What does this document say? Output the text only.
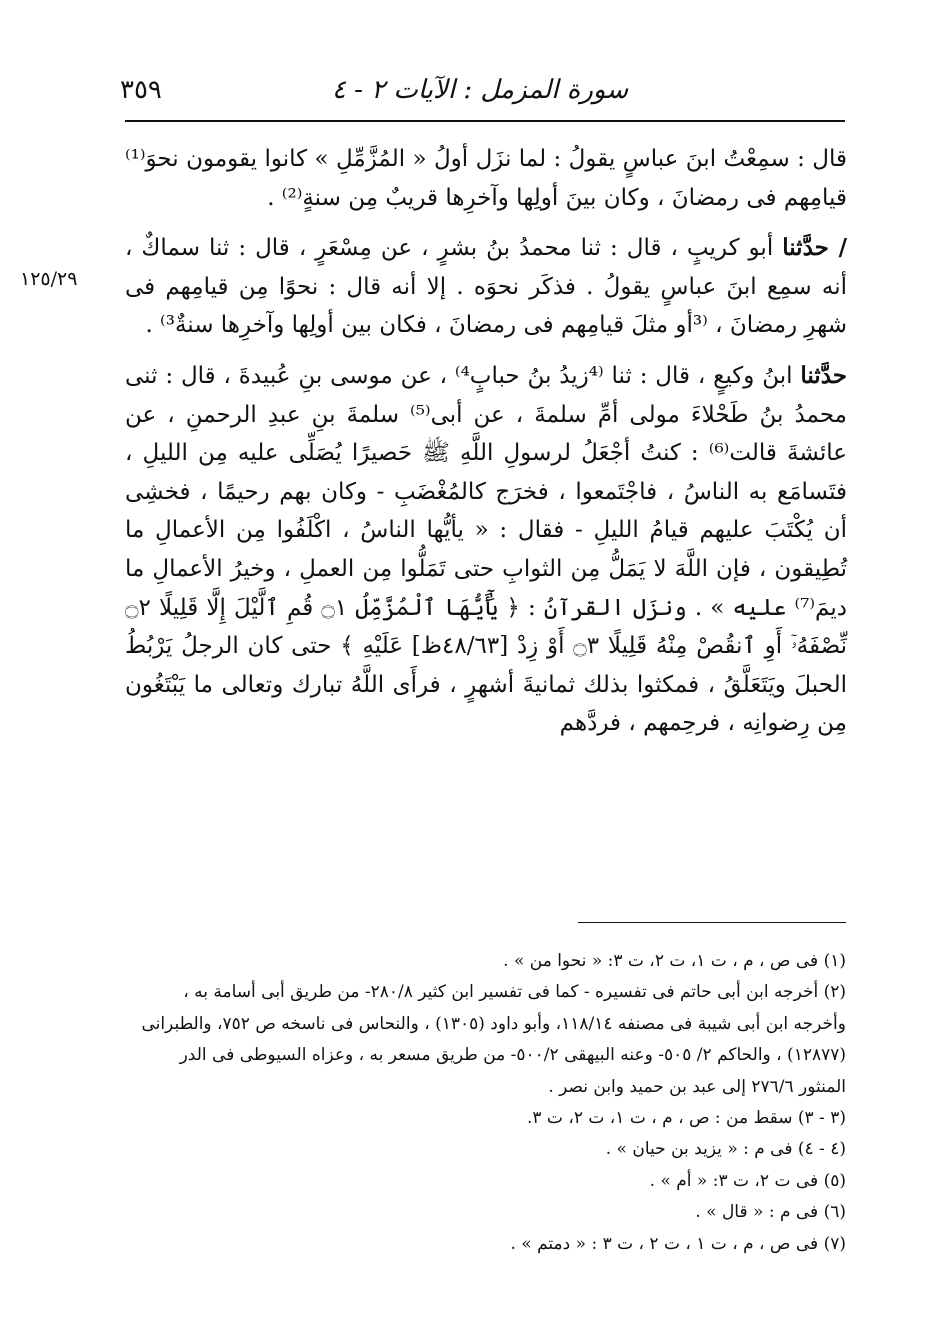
سورة المزمل : الآيات ٢ - ٤
٣٥٩
١٢٥/٢٩

قال : سمِعْتُ ابنَ عباسٍ يقولُ : لما نزَل أولُ « المُزَّمِّلِ » كانوا يقومون نحوَ⁽¹⁾ قيامِهم فى رمضانَ ، وكان بينَ أولِها وآخرِها قريبٌ مِن سنةٍ⁽²⁾ .

/ حدَّثنا أبو كريبٍ ، قال : ثنا محمدُ بنُ بشرٍ ، عن مِسْعَرٍ ، قال : ثنا سماكٌ ، أنه سمِع ابنَ عباسٍ يقولُ . فذكَر نحوَه . إلا أنه قال : نحوًا مِن قيامِهم فى شهرِ رمضانَ ، ⁽³أو مثلَ قيامِهم فى رمضانَ ، فكان بين أولِها وآخرِها سنةٌ³⁾ .

حدَّثنا ابنُ وكيعٍ ، قال : ثنا ⁽⁴زيدُ بنُ حبابٍ⁴⁾ ، عن موسى بنِ عُبيدةَ ، قال : ثنى محمدُ بنُ طَحْلاءَ مولى أمِّ سلمةَ ، عن أبى⁽⁵⁾ سلمةَ بنِ عبدِ الرحمنِ ، عن عائشةَ قالت⁽⁶⁾ : كنتُ أجْعَلُ لرسولِ اللَّهِ ﷺ حَصيرًا يُصَلِّى عليه مِن الليلِ ، فتَسامَع به الناسُ ، فاجْتَمعوا ، فخرَج كالمُغْضَبِ - وكان بهم رحيمًا ، فخشِى أن يُكْتَبَ عليهم قيامُ الليلِ - فقال : « يأيُّها الناسُ ، اكْلَفُوا مِن الأعمالِ ما تُطِيقون ، فإن اللَّهَ لا يَمَلُّ مِن الثوابِ حتى تَمَلُّوا مِن العملِ ، وخيرُ الأعمالِ ما ديمَ⁽⁷⁾ عليه » . ونزَل القرآنُ : ﴿ يَٰٓأَيُّهَا ٱلْمُزَّمِّلُ ۝١ قُمِ ٱلَّيْلَ إِلَّا قَلِيلًا ۝٢ نِّصْفَهُۥٓ أَوِ ٱنقُصْ مِنْهُ قَلِيلًا ۝٣ أَوْ زِدْ [٤٨/٦٣ظ] عَلَيْهِ ﴾ حتى كان الرجلُ يَرْبُطُ الحبلَ ويَتَعَلَّقُ ، فمكثوا بذلك ثمانيةَ أشهرٍ ، فرأَى اللَّهُ تبارك وتعالى ما يَبْتَغُون مِن رِضوانِه ، فرحِمهم ، فردَّهم

(١) فى ص ، م ، ت ١، ت ٢، ت ٣: « نحوا من » .

(٢) أخرجه ابن أبى حاتم فى تفسيره - كما فى تفسير ابن كثير ٢٨٠/٨- من طريق أبى أسامة به ، وأخرجه ابن أبى شيبة فى مصنفه ١١٨/١٤، وأبو داود (١٣٠٥) ، والنحاس فى ناسخه ص ٧٥٢، والطبرانى (١٢٨٧٧) ، والحاكم ٢/ ٥٠٥- وعنه البيهقى ٥٠٠/٢- من طريق مسعر به ، وعزاه السيوطى فى الدر المنثور ٢٧٦/٦ إلى عبد بن حميد وابن نصر .

(٣ - ٣) سقط من : ص ، م ، ت ١، ت ٢، ت ٣.

(٤ - ٤) فى م : « يزيد بن حيان » .

(٥) فى ت ٢، ت ٣: « أم » .

(٦) فى م : « قال » .

(٧) فى ص ، م ، ت ١ ، ت ٢ ، ت ٣ : « دمتم » .
